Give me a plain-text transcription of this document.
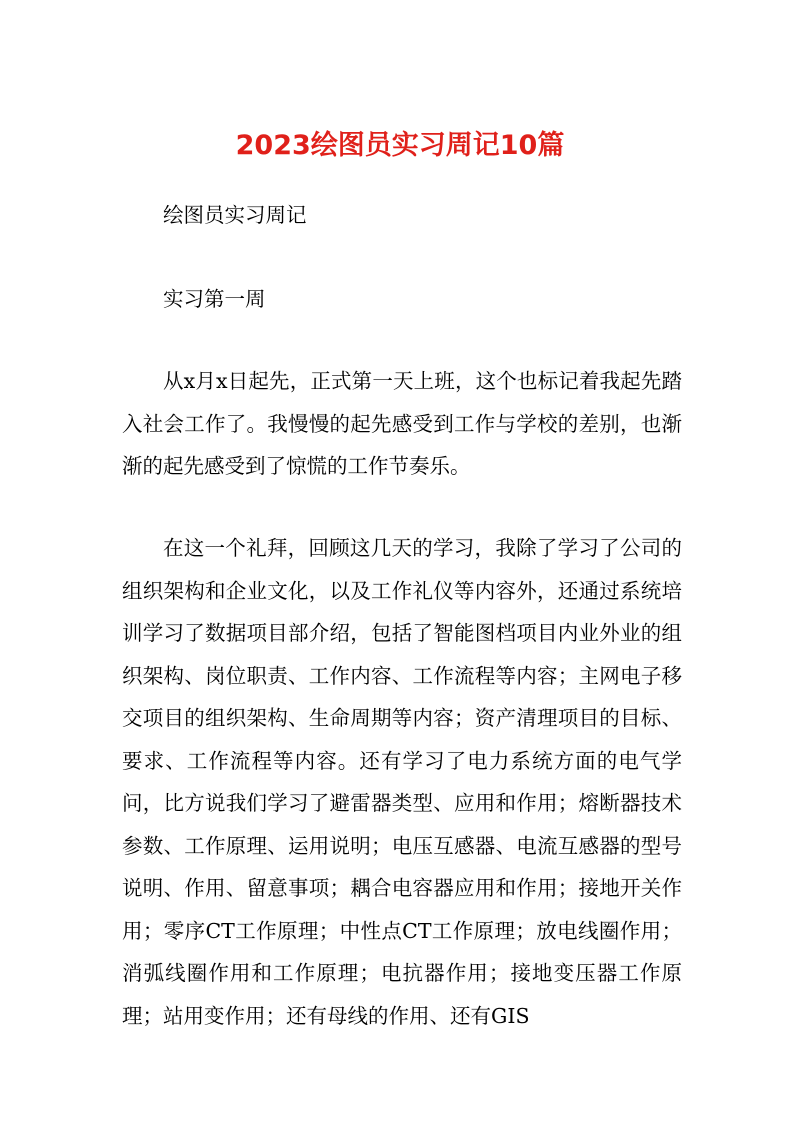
2023绘图员实习周记10篇
绘图员实习周记
实习第一周

从x月x日起先，正式第一天上班，这个也标记着我起先踏入社会工作了。我慢慢的起先感受到工作与学校的差别，也渐渐的起先感受到了惊慌的工作节奏乐。

在这一个礼拜，回顾这几天的学习，我除了学习了公司的组织架构和企业文化，以及工作礼仪等内容外，还通过系统培训学习了数据项目部介绍，包括了智能图档项目内业外业的组织架构、岗位职责、工作内容、工作流程等内容；主网电子移交项目的组织架构、生命周期等内容；资产清理项目的目标、要求、工作流程等内容。还有学习了电力系统方面的电气学问，比方说我们学习了避雷器类型、应用和作用；熔断器技术参数、工作原理、运用说明；电压互感器、电流互感器的型号说明、作用、留意事项；耦合电容器应用和作用；接地开关作用；零序CT工作原理；中性点CT工作原理；放电线圈作用；消弧线圈作用和工作原理；电抗器作用；接地变压器工作原理；站用变作用；还有母线的作用、还有GIS
